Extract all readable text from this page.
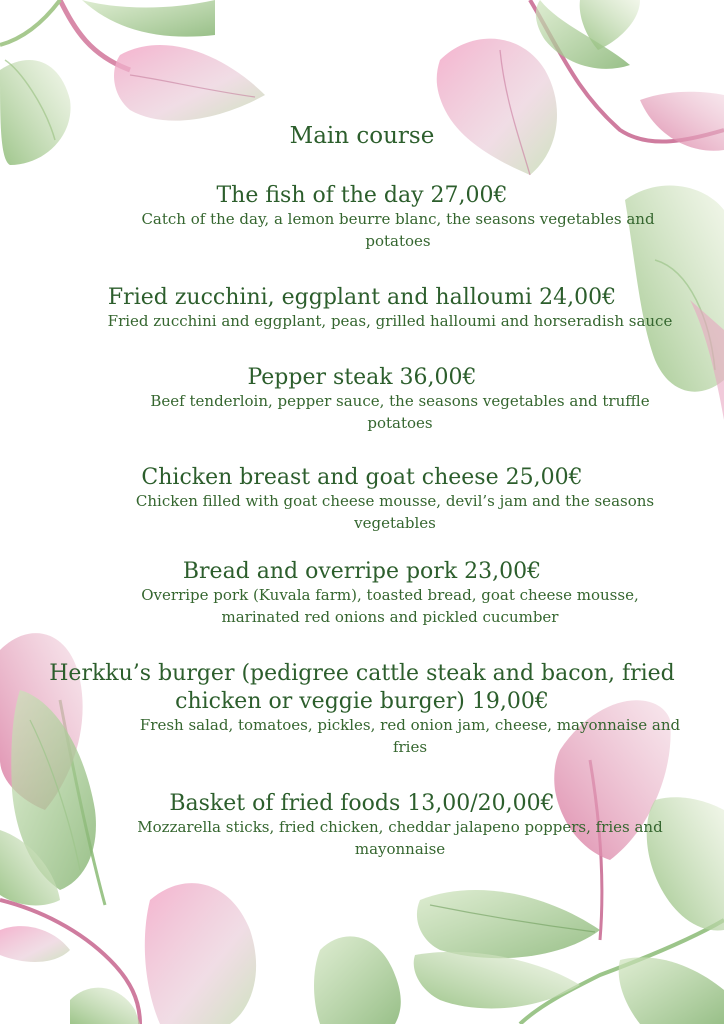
Main course
The fish of the day 27,00€
Catch of the day, a lemon beurre blanc, the seasons vegetables and potatoes
Fried zucchini, eggplant and halloumi 24,00€
Fried zucchini and eggplant, peas, grilled halloumi and horseradish sauce
Pepper steak 36,00€
Beef tenderloin, pepper sauce, the seasons vegetables and truffle potatoes
Chicken breast and goat cheese 25,00€
Chicken filled with goat cheese mousse, devil’s jam and the seasons vegetables
Bread and overripe pork 23,00€
Overripe pork (Kuvala farm), toasted bread, goat cheese mousse, marinated red onions and pickled cucumber
Herkku’s burger (pedigree cattle steak and bacon, fried chicken or veggie burger) 19,00€
Fresh salad, tomatoes, pickles, red onion jam, cheese, mayonnaise and fries
Basket of fried foods 13,00/20,00€
Mozzarella sticks, fried chicken, cheddar jalapeno poppers, fries and mayonnaise
